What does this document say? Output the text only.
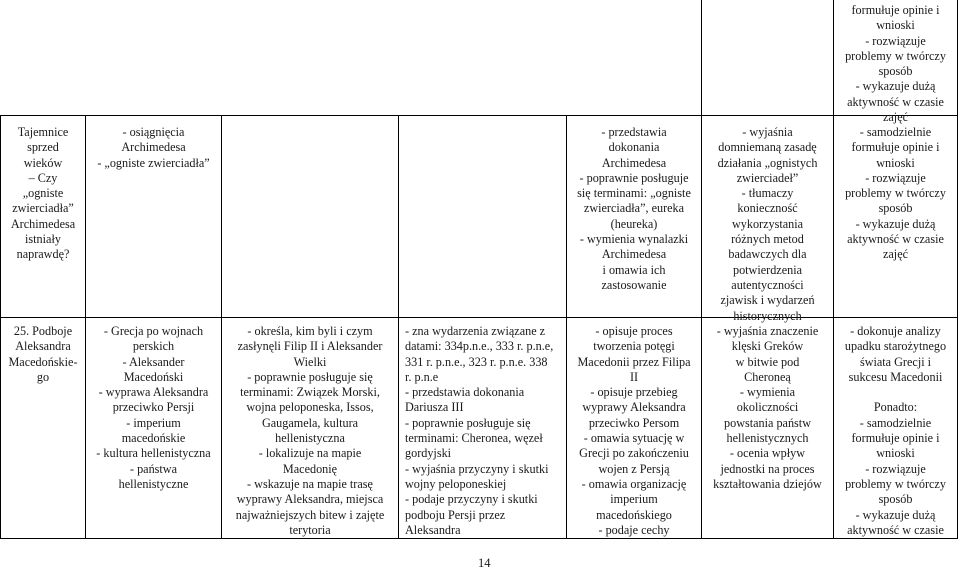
formułuje opinie i
wnioski
- rozwiązuje
problemy w twórczy
sposób
- wykazuje dużą
aktywność w czasie
zajęć
Tajemnice
sprzed
wieków
– Czy
„ogniste
zwierciadła”
Archimedesa
istniały
naprawdę?
- osiągnięcia
Archimedesa
- „ogniste zwierciadła”
- przedstawia
dokonania
Archimedesa
- poprawnie posługuje
się terminami: „ogniste
zwierciadła”, eureka
(heureka)
- wymienia wynalazki
Archimedesa
i omawia ich
zastosowanie
- wyjaśnia
domniemaną zasadę
działania „ognistych
zwierciadeł”
- tłumaczy
konieczność
wykorzystania
różnych metod
badawczych dla
potwierdzenia
autentyczności
zjawisk i wydarzeń
historycznych
- samodzielnie
formułuje opinie i
wnioski
- rozwiązuje
problemy w twórczy
sposób
- wykazuje dużą
aktywność w czasie
zajęć
25. Podboje
Aleksandra
Macedońskie-
go
- Grecja po wojnach
perskich
- Aleksander
Macedoński
- wyprawa Aleksandra
przeciwko Persji
- imperium
macedońskie
- kultura hellenistyczna
- państwa
hellenistyczne
- określa, kim byli i czym
zasłynęli Filip II i Aleksander
Wielki
- poprawnie posługuje się
terminami: Związek Morski,
wojna peloponeska, Issos,
Gaugamela, kultura
hellenistyczna
- lokalizuje na mapie
Macedonię
- wskazuje na mapie trasę
wyprawy Aleksandra, miejsca
najważniejszych bitew i zajęte
terytoria
- zna wydarzenia związane z
datami: 334p.n.e., 333 r. p.n.e,
331 r. p.n.e., 323 r. p.n.e. 338
r. p.n.e
- przedstawia dokonania
Dariusza III
- poprawnie posługuje się
terminami: Cheronea, węzeł
gordyjski
- wyjaśnia przyczyny i skutki
wojny peloponeskiej
- podaje przyczyny i skutki
podboju Persji przez
Aleksandra
- opisuje proces
tworzenia potęgi
Macedonii przez Filipa
II
- opisuje przebieg
wyprawy Aleksandra
przeciwko Persom
- omawia sytuację w
Grecji po zakończeniu
wojen z Persją
- omawia organizację
imperium
macedońskiego
- podaje cechy
- wyjaśnia znaczenie
klęski Greków
w bitwie pod
Cheroneą
- wymienia
okoliczności
powstania państw
hellenistycznych
- ocenia wpływ
jednostki na proces
kształtowania dziejów
- dokonuje analizy
upadku starożytnego
świata Grecji i
sukcesu Macedonii

Ponadto:
- samodzielnie
formułuje opinie i
wnioski
- rozwiązuje
problemy w twórczy
sposób
- wykazuje dużą
aktywność w czasie
14
